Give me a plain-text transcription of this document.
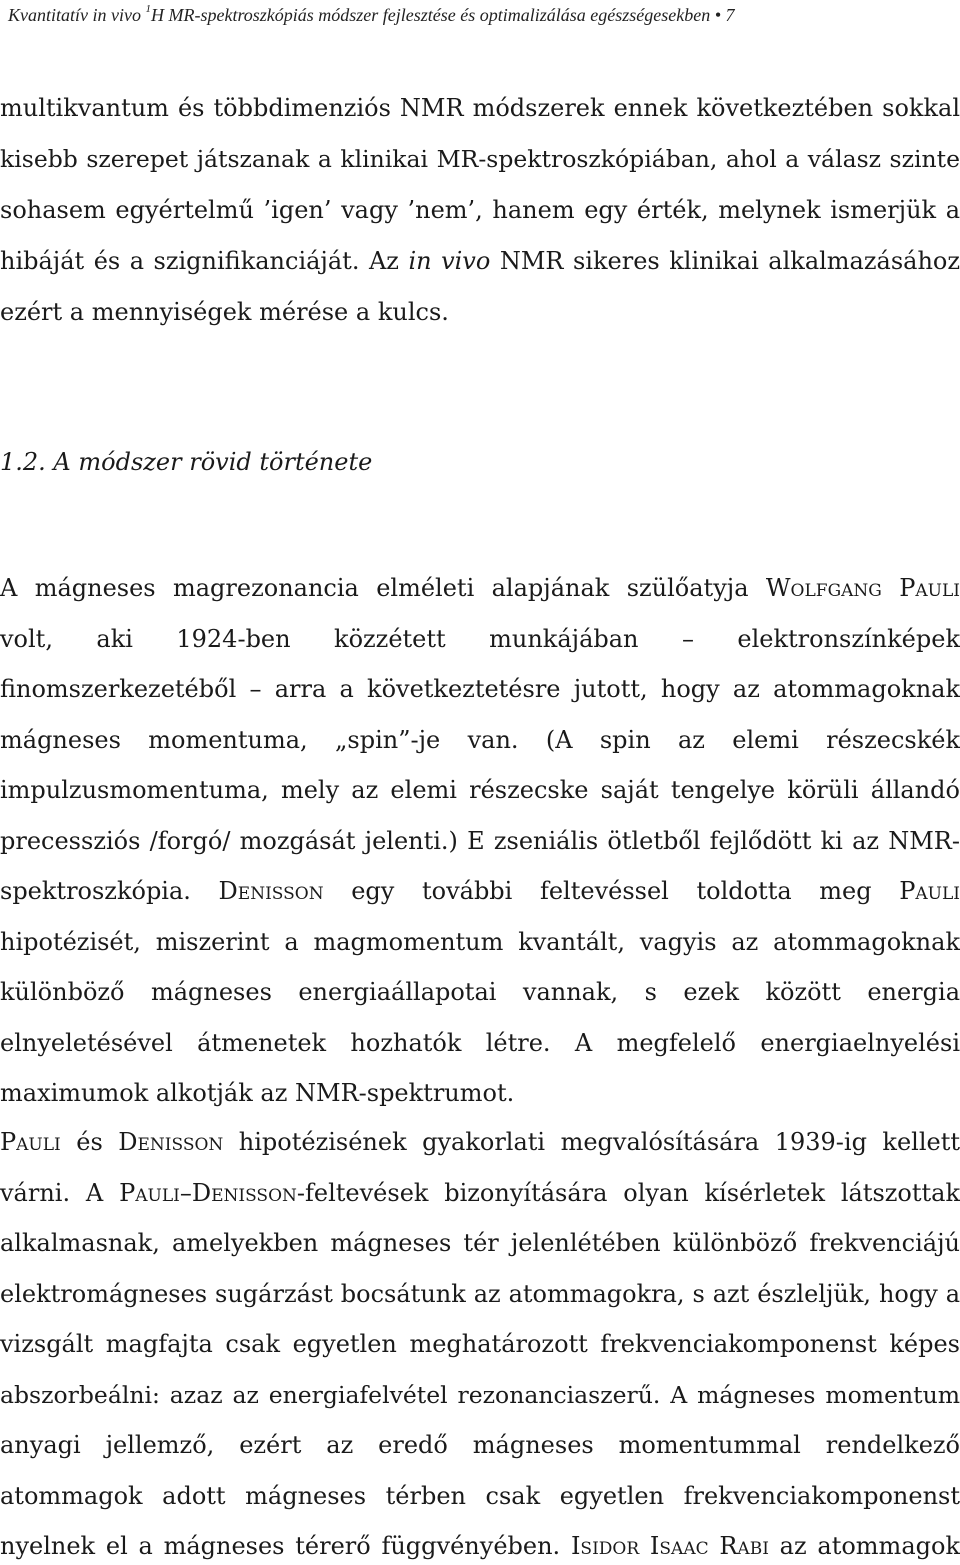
Kvantitatív in vivo $^1$H MR-spektroszkópiás módszer fejlesztése és optimalizálása egészségesekben • 7
multikvantum és többdimenziós NMR módszerek ennek következtében sokkal
kisebb szerepet játszanak a klinikai MR-spektroszkópiában, ahol a válasz szinte
sohasem egyértelmű ’igen’ vagy ’nem’, hanem egy érték, melynek ismerjük a
hibáját és a szignifikanciáját. Az in vivo NMR sikeres klinikai alkalmazásához
ezért a mennyiségek mérése a kulcs.
1.2. A módszer rövid története
A mágneses magrezonancia elméleti alapjának szülőatyja Wolfgang Pauli
volt, aki 1924-ben közzétett munkájában – elektronszínképek
finomszerkezetéből – arra a következtetésre jutott, hogy az atommagoknak
mágneses momentuma, „spin”-je van. (A spin az elemi részecskék
impulzusmomentuma, mely az elemi részecske saját tengelye körüli állandó
precessziós /forgó/ mozgását jelenti.) E zseniális ötletből fejlődött ki az NMR-
spektroszkópia. Denisson egy további feltevéssel toldotta meg Pauli
hipotézisét, miszerint a magmomentum kvantált, vagyis az atommagoknak
különböző mágneses energiaállapotai vannak, s ezek között energia
elnyeletésével átmenetek hozhatók létre. A megfelelő energiaelnyelési
maximumok alkotják az NMR-spektrumot.
Pauli és Denisson hipotézisének gyakorlati megvalósítására 1939-ig kellett
várni. A Pauli–Denisson-feltevések bizonyítására olyan kísérletek látszottak
alkalmasnak, amelyekben mágneses tér jelenlétében különböző frekvenciájú
elektromágneses sugárzást bocsátunk az atommagokra, s azt észleljük, hogy a
vizsgált magfajta csak egyetlen meghatározott frekvenciakomponenst képes
abszorbeálni: azaz az energiafelvétel rezonanciaszerű. A mágneses momentum
anyagi jellemző, ezért az eredő mágneses momentummal rendelkező
atommagok adott mágneses térben csak egyetlen frekvenciakomponenst
nyelnek el a mágneses térerő függvényében. Isidor Isaac Rabi az atommagok
